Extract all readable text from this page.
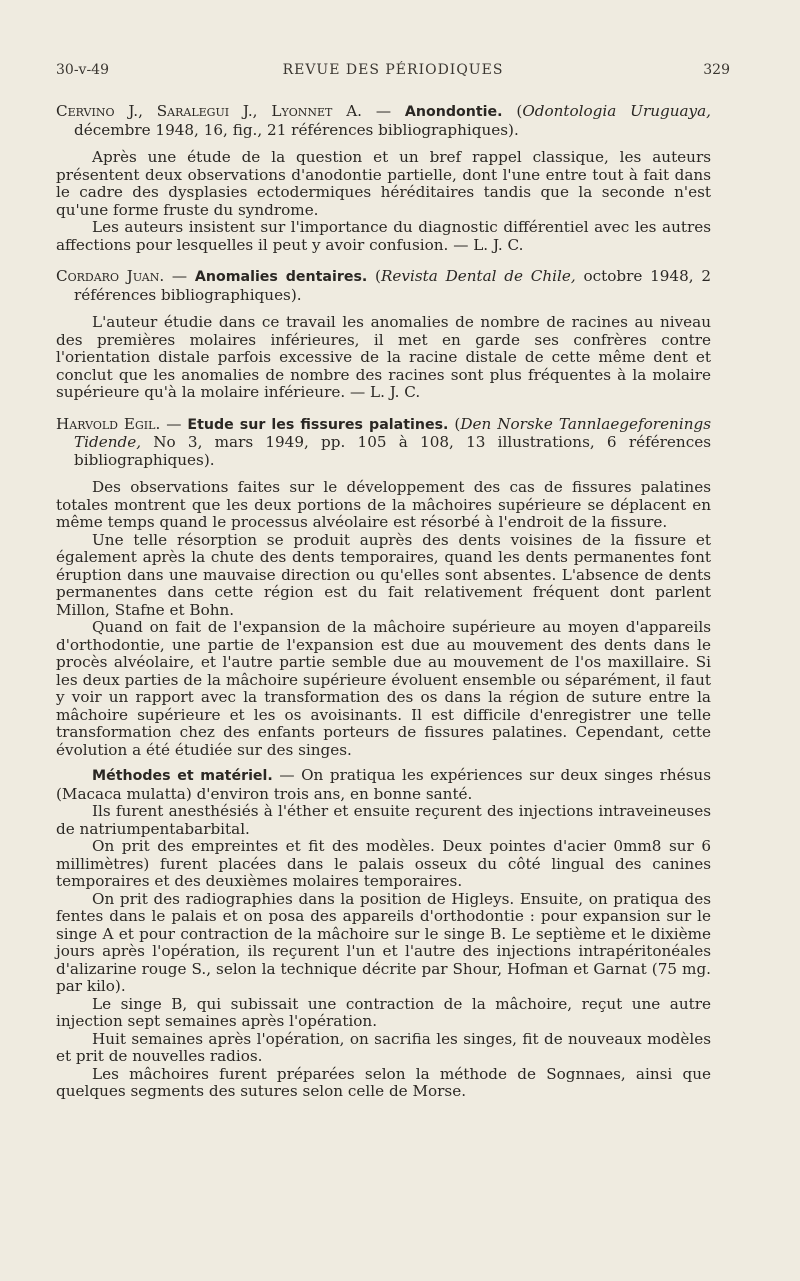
30-v-49	REVUE DES PÉRIODIQUES	329
Cervino J., Saralegui J., Lyonnet A. — Anondontie. (Odontologia Uruguaya, décembre 1948, 16, fig., 21 références bibliographiques).

Après une étude de la question et un bref rappel classique, les auteurs présentent deux observations d'anodontie partielle, dont l'une entre tout à fait dans le cadre des dysplasies ectodermiques héréditaires tandis que la seconde n'est qu'une forme fruste du syndrome.

Les auteurs insistent sur l'importance du diagnostic différentiel avec les autres affections pour lesquelles il peut y avoir confusion. — L. J. C.

Cordaro Juan. — Anomalies dentaires. (Revista Dental de Chile, octobre 1948, 2 références bibliographiques).

L'auteur étudie dans ce travail les anomalies de nombre de racines au niveau des premières molaires inférieures, il met en garde ses confrères contre l'orientation distale parfois excessive de la racine distale de cette même dent et conclut que les anomalies de nombre des racines sont plus fréquentes à la molaire supérieure qu'à la molaire inférieure. — L. J. C.

Harvold Egil. — Etude sur les fissures palatines. (Den Norske Tannlaegeforenings Tidende, No 3, mars 1949, pp. 105 à 108, 13 illustrations, 6 références bibliographiques).

Des observations faites sur le développement des cas de fissures palatines totales montrent que les deux portions de la mâchoires supérieure se déplacent en même temps quand le processus alvéolaire est résorbé à l'endroit de la fissure.

Une telle résorption se produit auprès des dents voisines de la fissure et également après la chute des dents temporaires, quand les dents permanentes font éruption dans une mauvaise direction ou qu'elles sont absentes. L'absence de dents permanentes dans cette région est du fait relativement fréquent dont parlent Millon, Stafne et Bohn.

Quand on fait de l'expansion de la mâchoire supérieure au moyen d'appareils d'orthodontie, une partie de l'expansion est due au mouvement des dents dans le procès alvéolaire, et l'autre partie semble due au mouvement de l'os maxillaire. Si les deux parties de la mâchoire supérieure évoluent ensemble ou séparément, il faut y voir un rapport avec la transformation des os dans la région de suture entre la mâchoire supérieure et les os avoisinants. Il est difficile d'enregistrer une telle transformation chez des enfants porteurs de fissures palatines. Cependant, cette évolution a été étudiée sur des singes.

Méthodes et matériel. — On pratiqua les expériences sur deux singes rhésus (Macaca mulatta) d'environ trois ans, en bonne santé.

Ils furent anesthésiés à l'éther et ensuite reçurent des injections intraveineuses de natriumpentabarbital.

On prit des empreintes et fit des modèles. Deux pointes d'acier 0mm8 sur 6 millimètres) furent placées dans le palais osseux du côté lingual des canines temporaires et des deuxièmes molaires temporaires.

On prit des radiographies dans la position de Higleys. Ensuite, on pratiqua des fentes dans le palais et on posa des appareils d'orthodontie : pour expansion sur le singe A et pour contraction de la mâchoire sur le singe B. Le septième et le dixième jours après l'opération, ils reçurent l'un et l'autre des injections intrapéritonéales d'alizarine rouge S., selon la technique décrite par Shour, Hofman et Garnat (75 mg. par kilo).

Le singe B, qui subissait une contraction de la mâchoire, reçut une autre injection sept semaines après l'opération.

Huit semaines après l'opération, on sacrifia les singes, fit de nouveaux modèles et prit de nouvelles radios.

Les mâchoires furent préparées selon la méthode de Sognnaes, ainsi que quelques segments des sutures selon celle de Morse.
